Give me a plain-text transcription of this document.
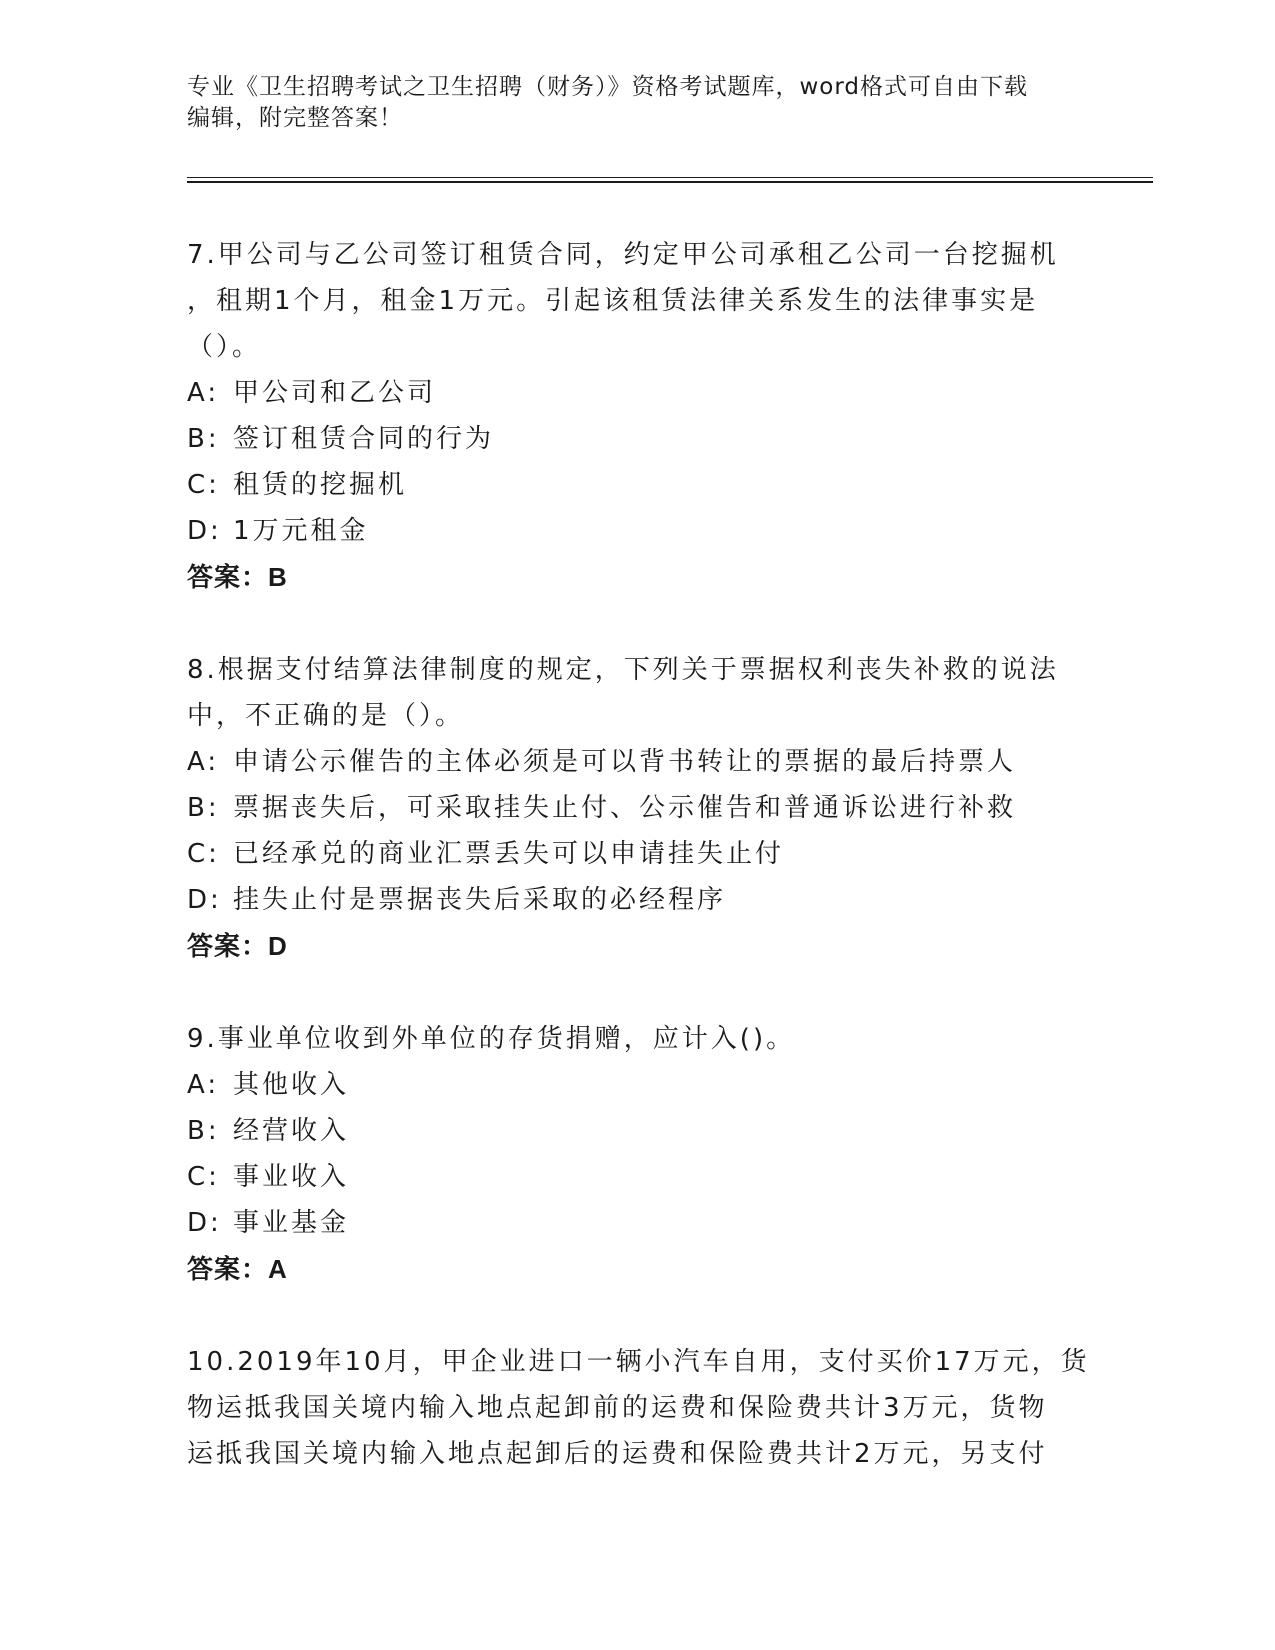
专业《卫生招聘考试之卫生招聘（财务）》资格考试题库，word格式可自由下载
编辑，附完整答案！
7.甲公司与乙公司签订租赁合同，约定甲公司承租乙公司一台挖掘机
，租期1个月，租金1万元。引起该租赁法律关系发生的法律事实是
（）。
A: 甲公司和乙公司
B: 签订租赁合同的行为
C: 租赁的挖掘机
D: 1万元租金
答案：B
8.根据支付结算法律制度的规定，下列关于票据权利丧失补救的说法
中，不正确的是（）。
A: 申请公示催告的主体必须是可以背书转让的票据的最后持票人
B: 票据丧失后，可采取挂失止付、公示催告和普通诉讼进行补救
C: 已经承兑的商业汇票丢失可以申请挂失止付
D: 挂失止付是票据丧失后采取的必经程序
答案：D
9.事业单位收到外单位的存货捐赠，应计入()。
A: 其他收入
B: 经营收入
C: 事业收入
D: 事业基金
答案：A
10.2019年10月，甲企业进口一辆小汽车自用，支付买价17万元，货
物运抵我国关境内输入地点起卸前的运费和保险费共计3万元，货物
运抵我国关境内输入地点起卸后的运费和保险费共计2万元，另支付
